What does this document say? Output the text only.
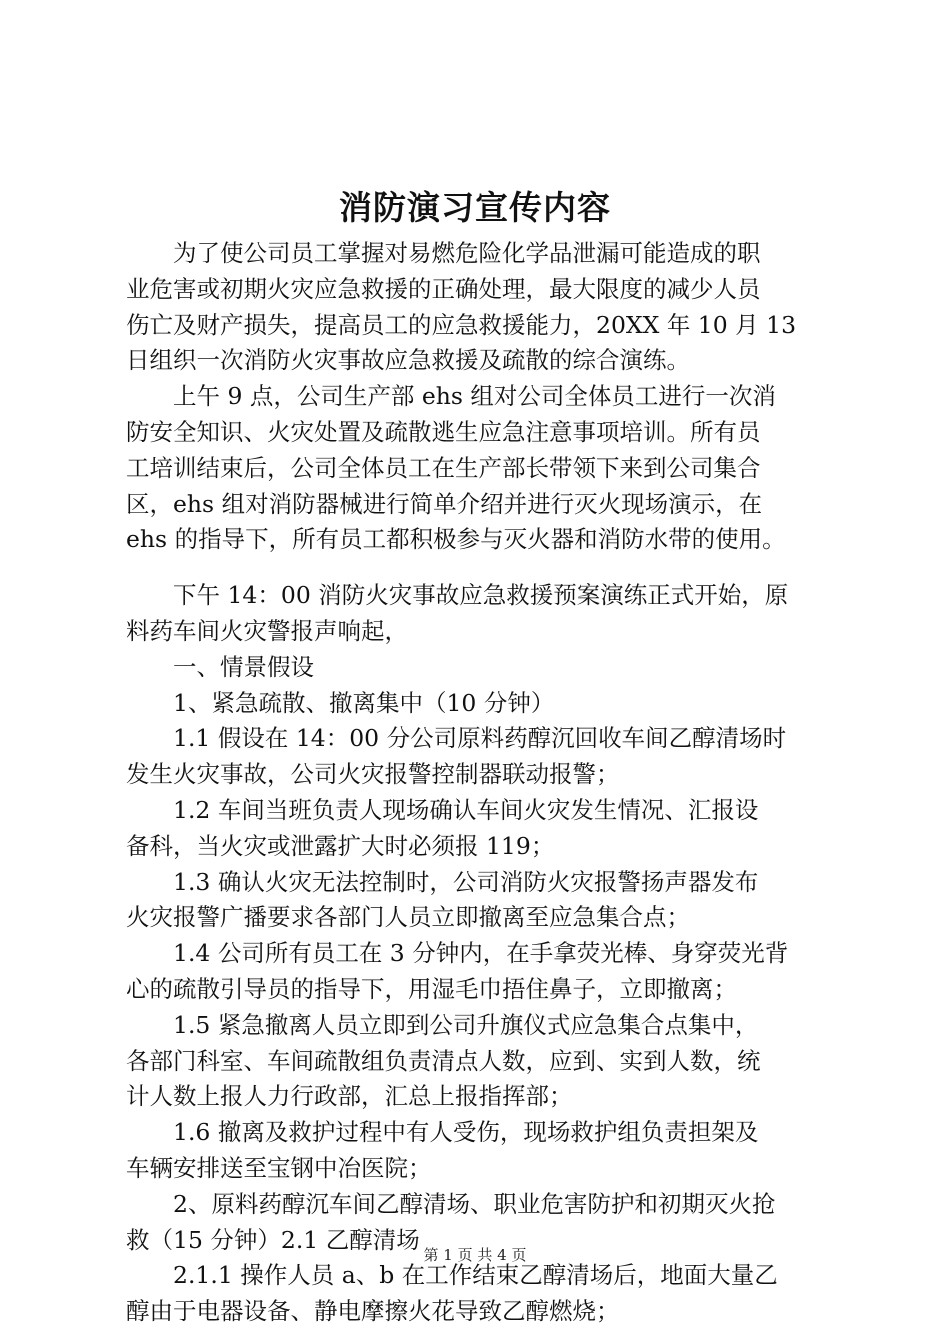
消防演习宣传内容
　　为了使公司员工掌握对易燃危险化学品泄漏可能造成的职
业危害或初期火灾应急救援的正确处理，最大限度的减少人员
伤亡及财产损失，提高员工的应急救援能力，20XX 年 10 月 13
日组织一次消防火灾事故应急救援及疏散的综合演练。
　　上午 9 点，公司生产部 ehs 组对公司全体员工进行一次消
防安全知识、火灾处置及疏散逃生应急注意事项培训。所有员
工培训结束后，公司全体员工在生产部长带领下来到公司集合
区，ehs 组对消防器械进行简单介绍并进行灭火现场演示，在
ehs 的指导下，所有员工都积极参与灭火器和消防水带的使用。
　　下午 14：00 消防火灾事故应急救援预案演练正式开始，原
料药车间火灾警报声响起，
　　一、情景假设
　　1、紧急疏散、撤离集中（10 分钟）
　　1.1 假设在 14：00 分公司原料药醇沉回收车间乙醇清场时
发生火灾事故，公司火灾报警控制器联动报警；
　　1.2 车间当班负责人现场确认车间火灾发生情况、汇报设
备科，当火灾或泄露扩大时必须报 119；
　　1.3 确认火灾无法控制时，公司消防火灾报警扬声器发布
火灾报警广播要求各部门人员立即撤离至应急集合点；
　　1.4 公司所有员工在 3 分钟内，在手拿荧光棒、身穿荧光背
心的疏散引导员的指导下，用湿毛巾捂住鼻子，立即撤离；
　　1.5 紧急撤离人员立即到公司升旗仪式应急集合点集中，
各部门科室、车间疏散组负责清点人数，应到、实到人数，统
计人数上报人力行政部，汇总上报指挥部；
　　1.6 撤离及救护过程中有人受伤，现场救护组负责担架及
车辆安排送至宝钢中冶医院；
　　2、原料药醇沉车间乙醇清场、职业危害防护和初期灭火抢
救（15 分钟）2.1 乙醇清场
　　2.1.1 操作人员 a、b 在工作结束乙醇清场后，地面大量乙
醇由于电器设备、静电摩擦火花导致乙醇燃烧；
第 1 页 共 4 页
